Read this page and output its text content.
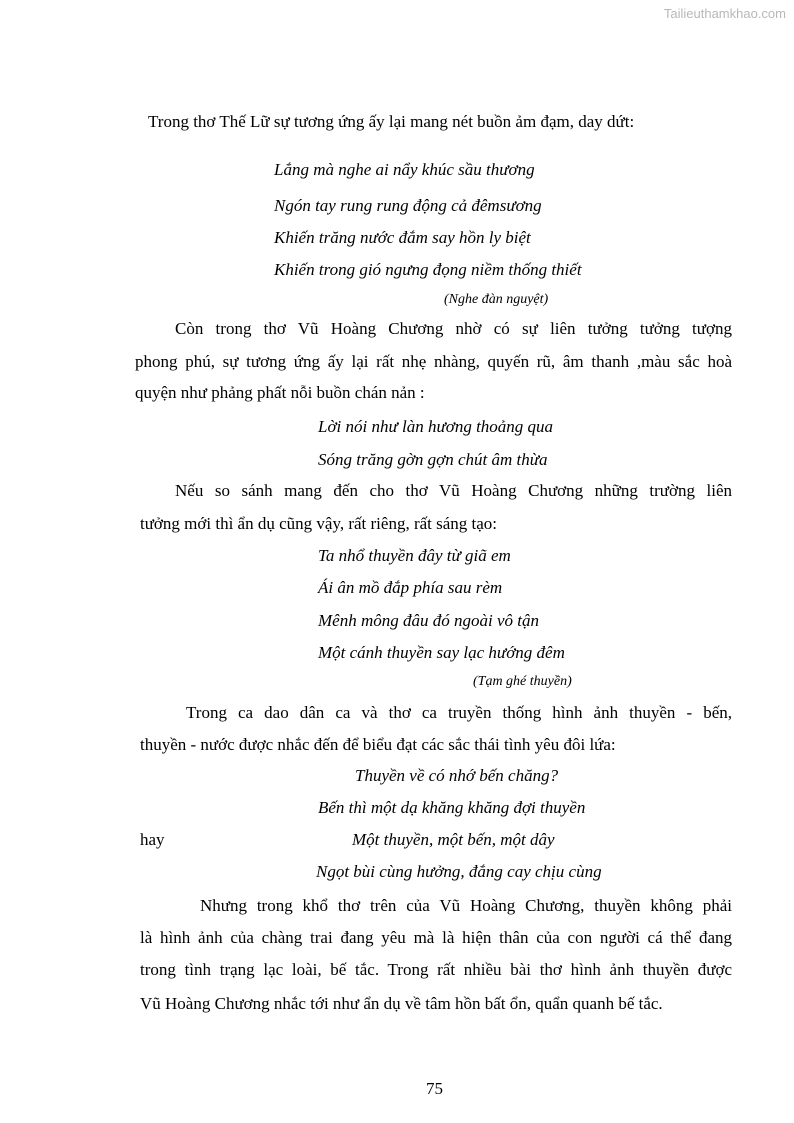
Tailieuthamkhao.com
Trong thơ Thế Lữ sự tương ứng ấy lại mang nét buồn ảm đạm, day dứt:
Lắng mà nghe ai nẩy khúc sầu thương
Ngón tay rung rung động cả đêmsương
Khiến trăng nước đắm say hồn ly biệt
Khiến trong gió ngưng đọng niềm thống thiết
(Nghe đàn nguyệt)
Còn trong thơ Vũ Hoàng Chương nhờ có sự liên tưởng tưởng tượng
phong phú, sự tương ứng ấy lại rất nhẹ nhàng, quyến rũ, âm thanh ,màu sắc hoà
quyện như phảng phất nỗi buồn chán nản :
Lời nói như làn hương thoảng qua
Sóng trăng gờn gợn chút âm thừa
Nếu so sánh mang đến cho thơ Vũ Hoàng Chương những trường liên
tưởng mới thì ẩn dụ cũng vậy, rất riêng, rất sáng tạo:
Ta nhổ thuyền đây từ giã em
Ái ân mồ đắp phía sau rèm
Mênh mông đâu đó ngoài vô tận
Một cánh thuyền say lạc hướng đêm
(Tạm ghé thuyền)
Trong ca dao dân ca và thơ ca truyền thống hình ảnh thuyền - bến,
thuyền - nước được nhắc đến để biểu đạt các sắc thái tình yêu đôi lứa:
Thuyền về có nhớ bến chăng?
Bến thì một dạ khăng khăng đợi thuyền
hay	Một thuyền, một bến, một dây
Ngọt bùi cùng hưởng, đắng cay chịu cùng
Nhưng trong khổ thơ trên của Vũ Hoàng Chương, thuyền không phải
là hình ảnh của chàng trai đang yêu mà là hiện thân của con người cá thể đang
trong tình trạng lạc loài, bế tắc. Trong rất nhiều bài thơ hình ảnh thuyền được
Vũ Hoàng Chương nhắc tới như ẩn dụ về tâm hồn bất ổn, quẩn quanh bế tắc.
75
